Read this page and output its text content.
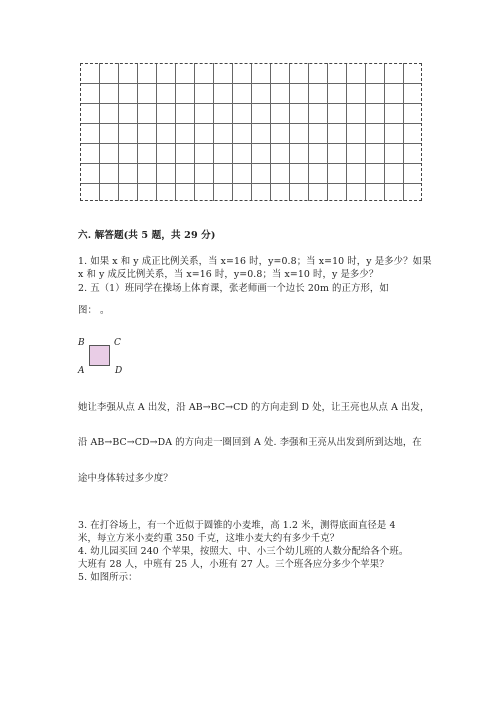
六. 解答题(共 5 题，共 29 分)
1. 如果 x 和 y 成正比例关系，当 x=16 时，y=0.8；当 x=10 时，y 是多少？如果
x 和 y 成反比例关系，当 x=16 时，y=0.8；当 x=10 时，y 是多少？
2. 五（1）班同学在操场上体育课，张老师画一个边长 20m 的正方形，如
图： 。
B	C
A	D
她让李强从点 A 出发，沿 AB→BC→CD 的方向走到 D 处，让王亮也从点 A 出发，
沿 AB→BC→CD→DA 的方向走一圈回到 A 处. 李强和王亮从出发到所到达地，在
途中身体转过多少度？
3. 在打谷场上，有一个近似于圆锥的小麦堆，高 1.2 米，测得底面直径是 4
米，每立方米小麦约重 350 千克，这堆小麦大约有多少千克？
4. 幼儿园买回 240 个苹果，按照大、中、小三个幼儿班的人数分配给各个班。
大班有 28 人，中班有 25 人，小班有 27 人。三个班各应分多少个苹果？
5. 如图所示：
